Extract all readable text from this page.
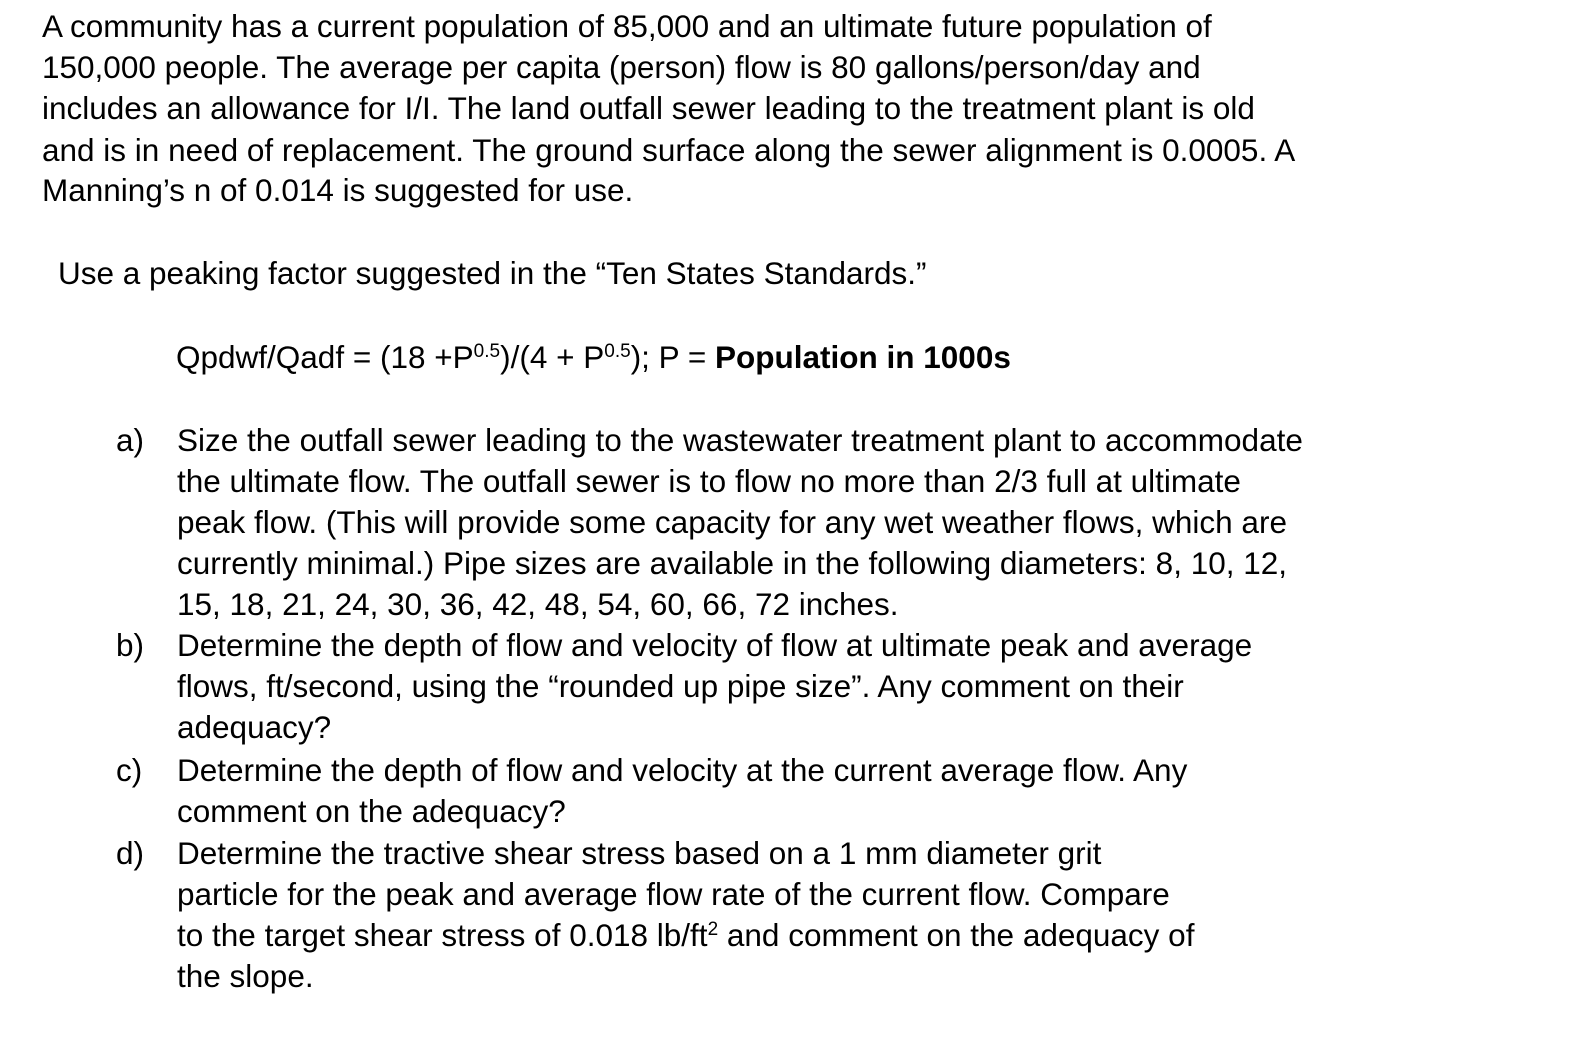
A community has a current population of 85,000 and an ultimate future population of
150,000 people. The average per capita (person) flow is 80 gallons/person/day and
includes an allowance for I/I. The land outfall sewer leading to the treatment plant is old
and is in need of replacement. The ground surface along the sewer alignment is 0.0005. A
Manning’s n of 0.014 is suggested for use.
Use a peaking factor suggested in the “Ten States Standards.”
Qpdwf/Qadf = $(18 +P^{0.5})/(4 + P^{0.5})$; P = Population in 1000s
a) Size the outfall sewer leading to the wastewater treatment plant to accommodate
the ultimate flow. The outfall sewer is to flow no more than 2/3 full at ultimate
peak flow. (This will provide some capacity for any wet weather flows, which are
currently minimal.) Pipe sizes are available in the following diameters: 8, 10, 12,
15, 18, 21, 24, 30, 36, 42, 48, 54, 60, 66, 72 inches.
b) Determine the depth of flow and velocity of flow at ultimate peak and average
flows, ft/second, using the “rounded up pipe size”. Any comment on their
adequacy?
c) Determine the depth of flow and velocity at the current average flow. Any
comment on the adequacy?
d) Determine the tractive shear stress based on a 1 mm diameter grit
particle for the peak and average flow rate of the current flow. Compare
to the target shear stress of 0.018 $lb/ft^2$ and comment on the adequacy of
the slope.
